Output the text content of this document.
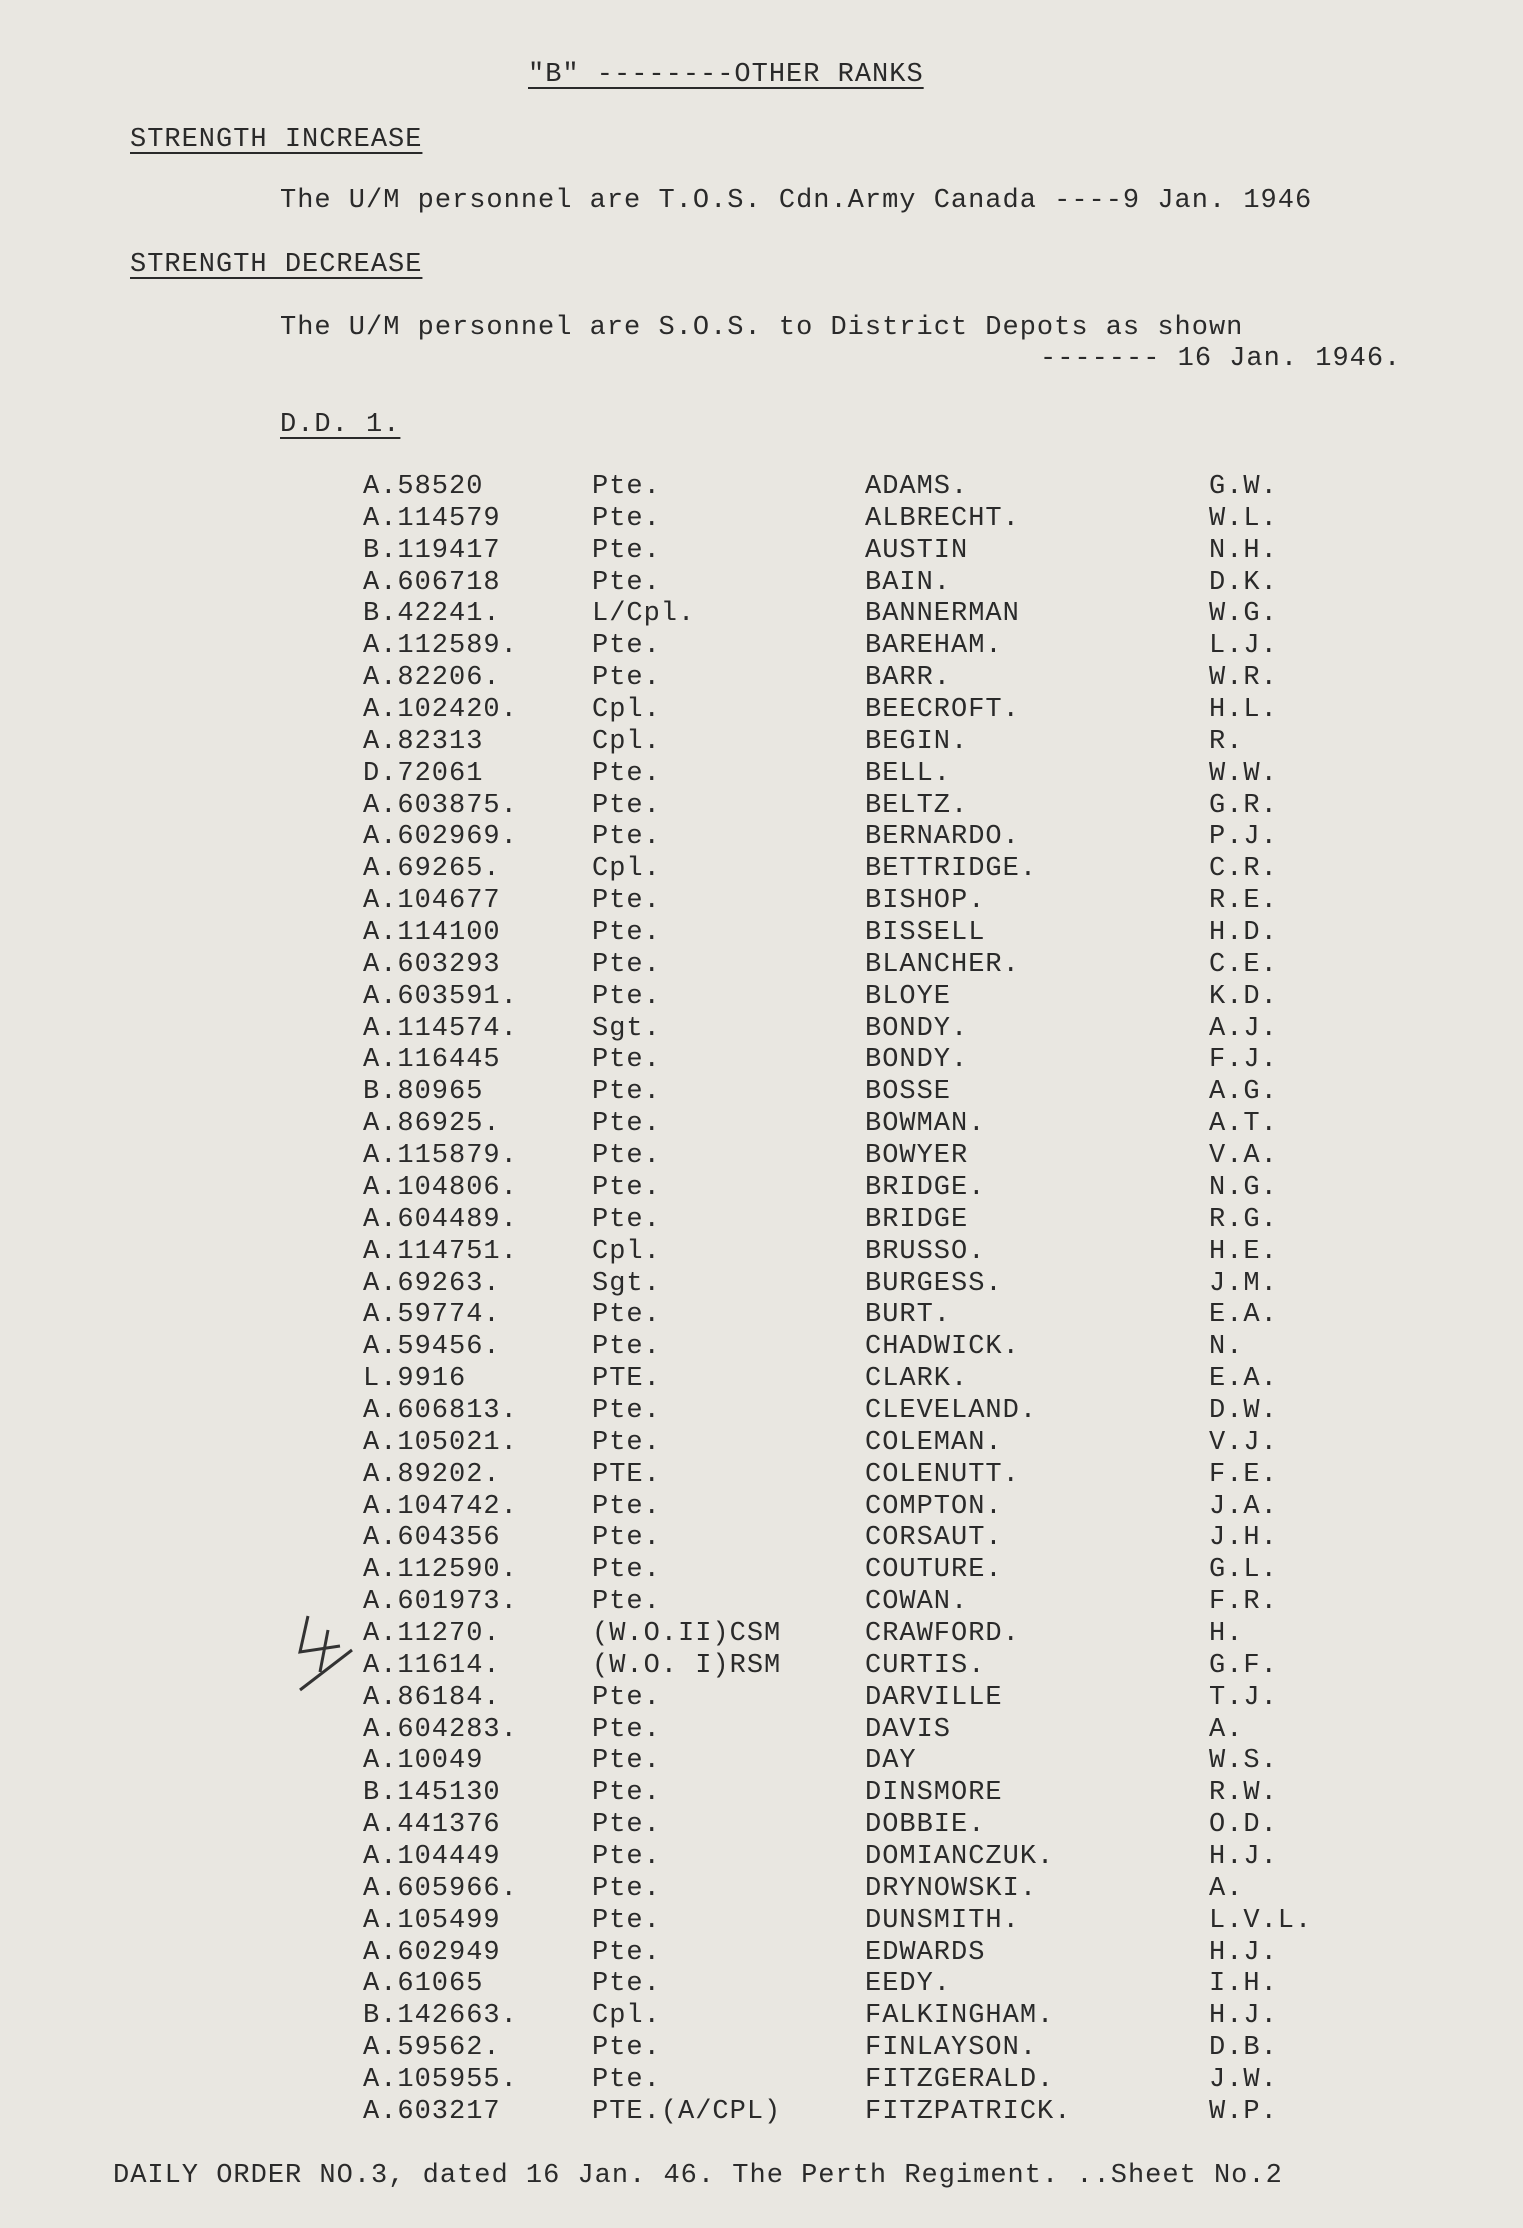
"B" --------OTHER RANKS
STRENGTH INCREASE
The U/M personnel are T.O.S. Cdn.Army Canada ----9 Jan. 1946
STRENGTH DECREASE
The U/M personnel are S.O.S. to District Depots as shown
------- 16 Jan. 1946.
D.D. 1.
A.58520	Pte.	ADAMS.	G.W.
A.114579	Pte.	ALBRECHT.	W.L.
B.119417	Pte.	AUSTIN	N.H.
A.606718	Pte.	BAIN.	D.K.
B.42241.	L/Cpl.	BANNERMAN	W.G.
A.112589.	Pte.	BAREHAM.	L.J.
A.82206.	Pte.	BARR.	W.R.
A.102420.	Cpl.	BEECROFT.	H.L.
A.82313	Cpl.	BEGIN.	R.
D.72061	Pte.	BELL.	W.W.
A.603875.	Pte.	BELTZ.	G.R.
A.602969.	Pte.	BERNARDO.	P.J.
A.69265.	Cpl.	BETTRIDGE.	C.R.
A.104677	Pte.	BISHOP.	R.E.
A.114100	Pte.	BISSELL	H.D.
A.603293	Pte.	BLANCHER.	C.E.
A.603591.	Pte.	BLOYE	K.D.
A.114574.	Sgt.	BONDY.	A.J.
A.116445	Pte.	BONDY.	F.J.
B.80965	Pte.	BOSSE	A.G.
A.86925.	Pte.	BOWMAN.	A.T.
A.115879.	Pte.	BOWYER	V.A.
A.104806.	Pte.	BRIDGE.	N.G.
A.604489.	Pte.	BRIDGE	R.G.
A.114751.	Cpl.	BRUSSO.	H.E.
A.69263.	Sgt.	BURGESS.	J.M.
A.59774.	Pte.	BURT.	E.A.
A.59456.	Pte.	CHADWICK.	N.
L.9916	PTE.	CLARK.	E.A.
A.606813.	Pte.	CLEVELAND.	D.W.
A.105021.	Pte.	COLEMAN.	V.J.
A.89202.	PTE.	COLENUTT.	F.E.
A.104742.	Pte.	COMPTON.	J.A.
A.604356	Pte.	CORSAUT.	J.H.
A.112590.	Pte.	COUTURE.	G.L.
A.601973.	Pte.	COWAN.	F.R.
A.11270.	(W.O.II)CSM	CRAWFORD.	H.
A.11614.	(W.O. I)RSM	CURTIS.	G.F.
A.86184.	Pte.	DARVILLE	T.J.
A.604283.	Pte.	DAVIS	A.
A.10049	Pte.	DAY	W.S.
B.145130	Pte.	DINSMORE	R.W.
A.441376	Pte.	DOBBIE.	O.D.
A.104449	Pte.	DOMIANCZUK.	H.J.
A.605966.	Pte.	DRYNOWSKI.	A.
A.105499	Pte.	DUNSMITH.	L.V.L.
A.602949	Pte.	EDWARDS	H.J.
A.61065	Pte.	EEDY.	I.H.
B.142663.	Cpl.	FALKINGHAM.	H.J.
A.59562.	Pte.	FINLAYSON.	D.B.
A.105955.	Pte.	FITZGERALD.	J.W.
A.603217	PTE.(A/CPL)	FITZPATRICK.	W.P.
DAILY ORDER NO.3, dated 16 Jan. 46. The Perth Regiment. ..Sheet No.2
